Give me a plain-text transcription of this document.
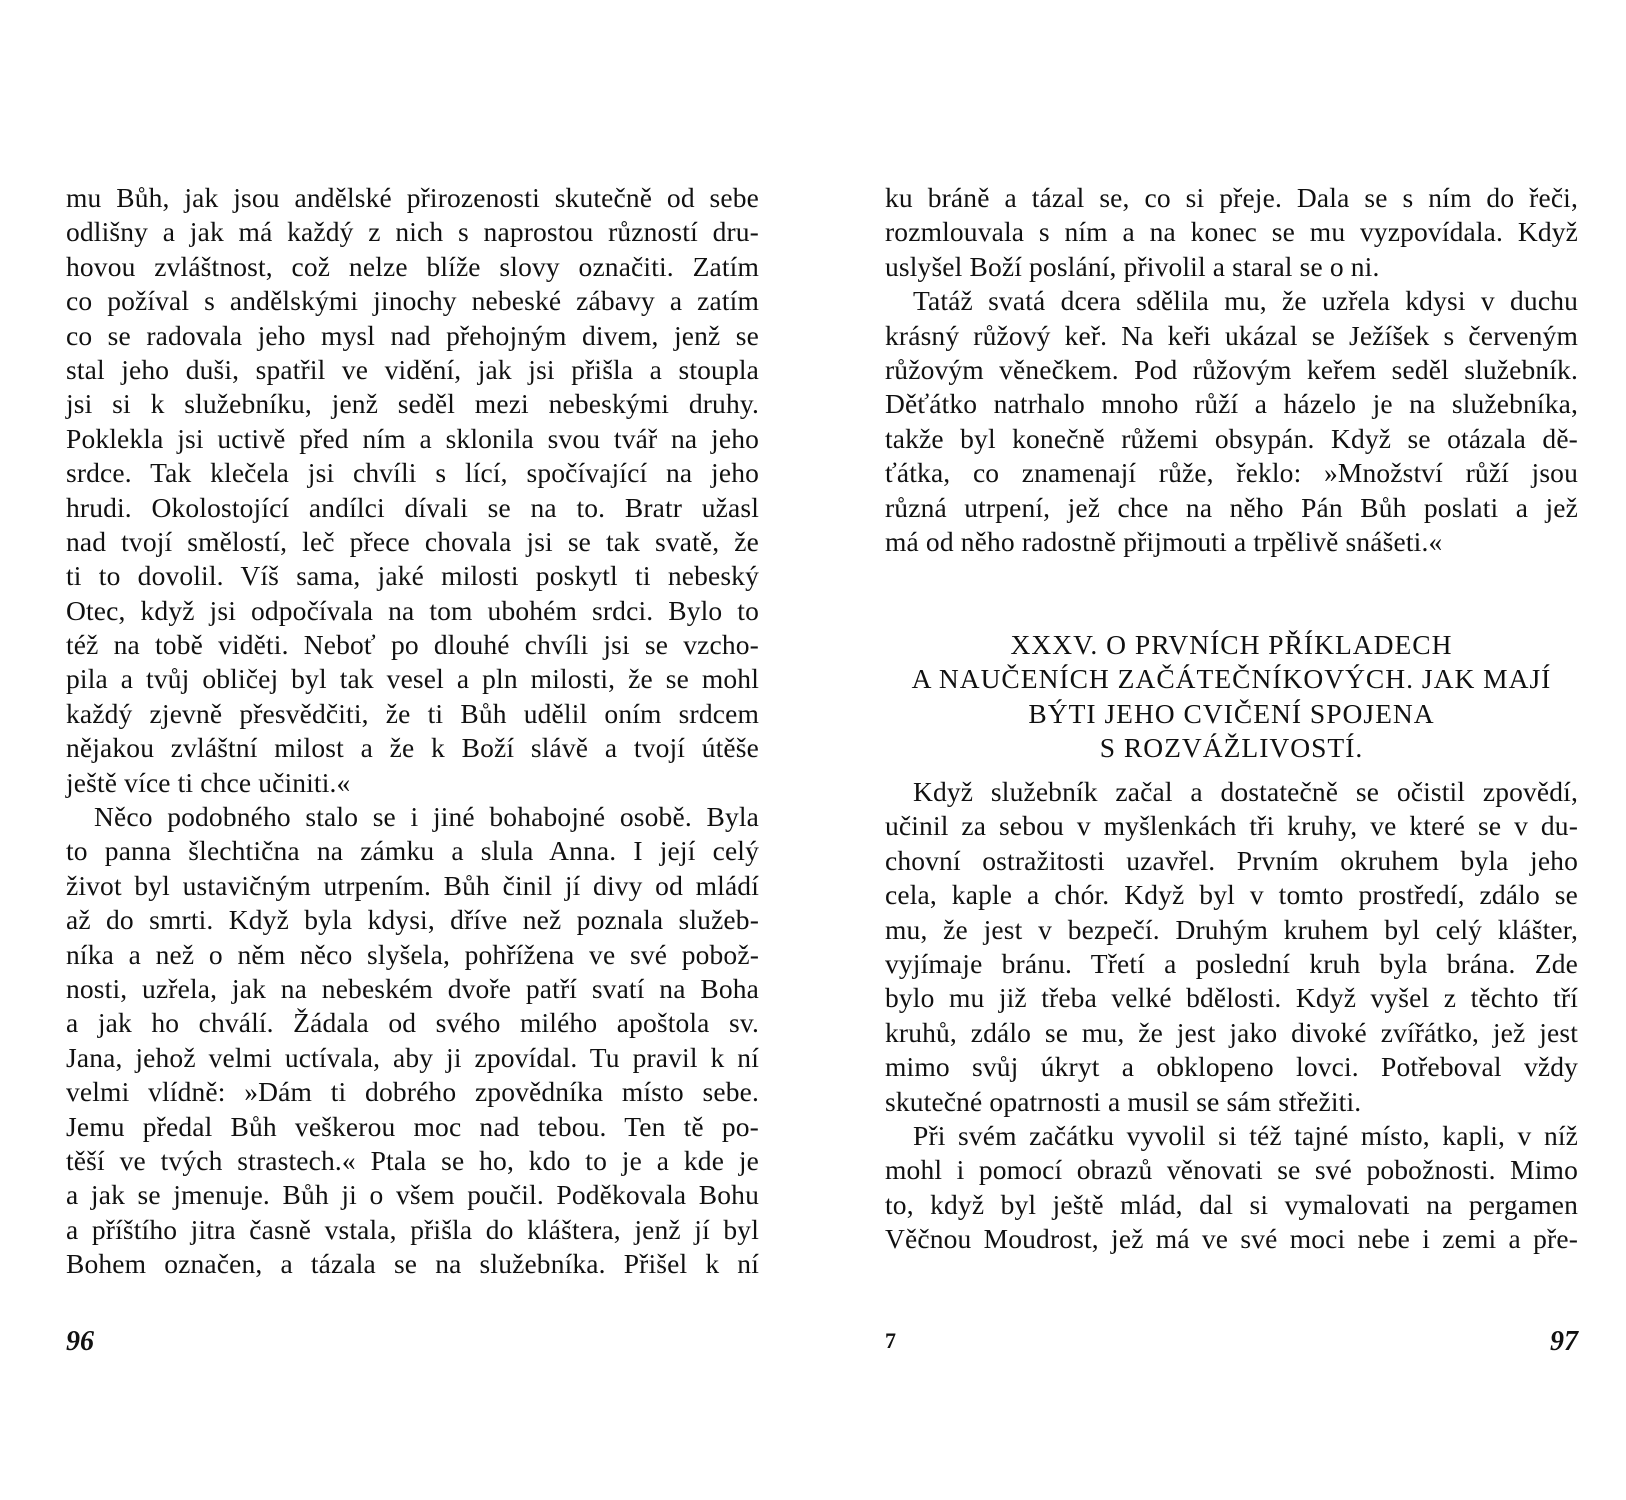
mu Bůh, jak jsou andělské přirozenosti skutečně od sebe
odlišny a jak má každý z nich s naprostou růzností dru-
hovou zvláštnost, což nelze blíže slovy označiti. Zatím
co požíval s andělskými jinochy nebeské zábavy a zatím
co se radovala jeho mysl nad přehojným divem, jenž se
stal jeho duši, spatřil ve vidění, jak jsi přišla a stoupla
jsi si k služebníku, jenž seděl mezi nebeskými druhy.
Poklekla jsi uctivě před ním a sklonila svou tvář na jeho
srdce. Tak klečela jsi chvíli s lící, spočívající na jeho
hrudi. Okolostojící andílci dívali se na to. Bratr užasl
nad tvojí smělostí, leč přece chovala jsi se tak svatě, že
ti to dovolil. Víš sama, jaké milosti poskytl ti nebeský
Otec, když jsi odpočívala na tom ubohém srdci. Bylo to
též na tobě viděti. Neboť po dlouhé chvíli jsi se vzcho-
pila a tvůj obličej byl tak vesel a pln milosti, že se mohl
každý zjevně přesvědčiti, že ti Bůh udělil oním srdcem
nějakou zvláštní milost a že k Boží slávě a tvojí útěše
ještě více ti chce učiniti.«
Něco podobného stalo se i jiné bohabojné osobě. Byla
to panna šlechtična na zámku a slula Anna. I její celý
život byl ustavičným utrpením. Bůh činil jí divy od mládí
až do smrti. Když byla kdysi, dříve než poznala služeb-
níka a než o něm něco slyšela, pohřížena ve své pobož-
nosti, uzřela, jak na nebeském dvoře patří svatí na Boha
a jak ho chválí. Žádala od svého milého apoštola sv.
Jana, jehož velmi uctívala, aby ji zpovídal. Tu pravil k ní
velmi vlídně: »Dám ti dobrého zpovědníka místo sebe.
Jemu předal Bůh veškerou moc nad tebou. Ten tě po-
těší ve tvých strastech.« Ptala se ho, kdo to je a kde je
a jak se jmenuje. Bůh ji o všem poučil. Poděkovala Bohu
a příštího jitra časně vstala, přišla do kláštera, jenž jí byl
Bohem označen, a tázala se na služebníka. Přišel k ní
96
ku bráně a tázal se, co si přeje. Dala se s ním do řeči,
rozmlouvala s ním a na konec se mu vyzpovídala. Když
uslyšel Boží poslání, přivolil a staral se o ni.
Tatáž svatá dcera sdělila mu, že uzřela kdysi v duchu
krásný růžový keř. Na keři ukázal se Ježíšek s červeným
růžovým věnečkem. Pod růžovým keřem seděl služebník.
Děťátko natrhalo mnoho růží a házelo je na služebníka,
takže byl konečně růžemi obsypán. Když se otázala dě-
ťátka, co znamenají růže, řeklo: »Množství růží jsou
různá utrpení, jež chce na něho Pán Bůh poslati a jež
má od něho radostně přijmouti a trpělivě snášeti.«
XXXV. O PRVNÍCH PŘÍKLADECH
A NAUČENÍCH ZAČÁTEČNÍKOVÝCH. JAK MAJÍ
BÝTI JEHO CVIČENÍ SPOJENA
S ROZVÁŽLIVOSTÍ.
Když služebník začal a dostatečně se očistil zpovědí,
učinil za sebou v myšlenkách tři kruhy, ve které se v du-
chovní ostražitosti uzavřel. Prvním okruhem byla jeho
cela, kaple a chór. Když byl v tomto prostředí, zdálo se
mu, že jest v bezpečí. Druhým kruhem byl celý klášter,
vyjímaje bránu. Třetí a poslední kruh byla brána. Zde
bylo mu již třeba velké bdělosti. Když vyšel z těchto tří
kruhů, zdálo se mu, že jest jako divoké zvířátko, jež jest
mimo svůj úkryt a obklopeno lovci. Potřeboval vždy
skutečné opatrnosti a musil se sám střežiti.
Při svém začátku vyvolil si též tajné místo, kapli, v níž
mohl i pomocí obrazů věnovati se své pobožnosti. Mimo
to, když byl ještě mlád, dal si vymalovati na pergamen
Věčnou Moudrost, jež má ve své moci nebe i zemi a pře-
7	97
